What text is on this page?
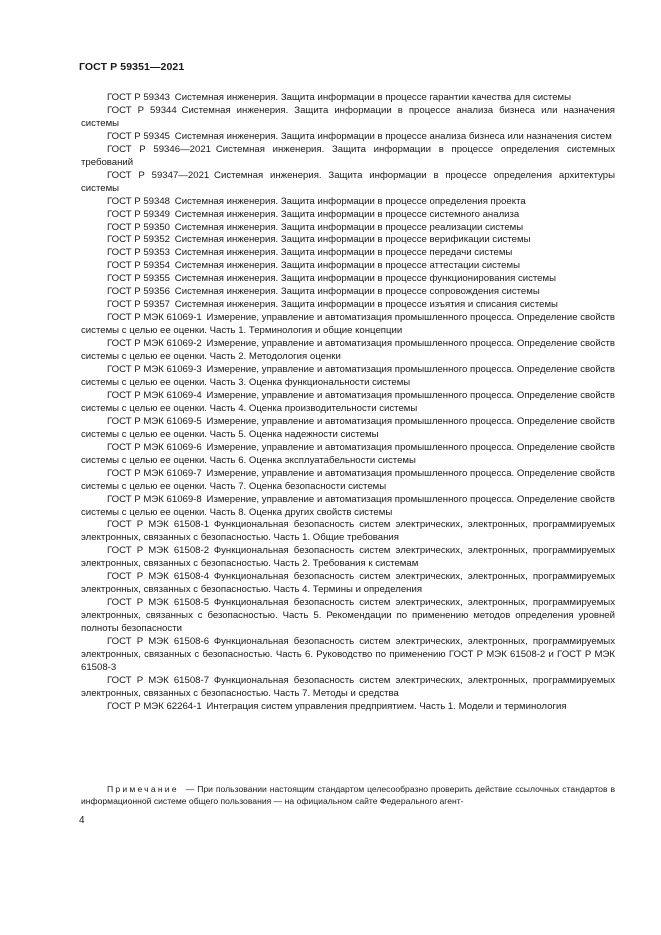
ГОСТ Р 59351—2021
ГОСТ Р 59343  Системная инженерия. Защита информации в процессе гарантии качества для системы
ГОСТ Р 59344  Системная инженерия. Защита информации в процессе анализа бизнеса или назначения системы
ГОСТ Р 59345  Системная инженерия. Защита информации в процессе анализа бизнеса или назначения систем
ГОСТ Р 59346—2021  Системная инженерия. Защита информации в процессе определения системных требований
ГОСТ Р 59347—2021  Системная инженерия. Защита информации в процессе определения архитектуры системы
ГОСТ Р 59348  Системная инженерия. Защита информации в процессе определения проекта
ГОСТ Р 59349  Системная инженерия. Защита информации в процессе системного анализа
ГОСТ Р 59350  Системная инженерия. Защита информации в процессе реализации системы
ГОСТ Р 59352  Системная инженерия. Защита информации в процессе верификации системы
ГОСТ Р 59353  Системная инженерия. Защита информации в процессе передачи системы
ГОСТ Р 59354  Системная инженерия. Защита информации в процессе аттестации системы
ГОСТ Р 59355  Системная инженерия. Защита информации в процессе функционирования системы
ГОСТ Р 59356  Системная инженерия. Защита информации в процессе сопровождения системы
ГОСТ Р 59357  Системная инженерия. Защита информации в процессе изъятия и списания системы
ГОСТ Р МЭК 61069-1  Измерение, управление и автоматизация промышленного процесса. Определение свойств системы с целью ее оценки. Часть 1. Терминология и общие концепции
ГОСТ Р МЭК 61069-2  Измерение, управление и автоматизация промышленного процесса. Определение свойств системы с целью ее оценки. Часть 2. Методология оценки
ГОСТ Р МЭК 61069-3  Измерение, управление и автоматизация промышленного процесса. Определение свойств системы с целью ее оценки. Часть 3. Оценка функциональности системы
ГОСТ Р МЭК 61069-4  Измерение, управление и автоматизация промышленного процесса. Определение свойств системы с целью ее оценки. Часть 4. Оценка производительности системы
ГОСТ Р МЭК 61069-5  Измерение, управление и автоматизация промышленного процесса. Определение свойств системы с целью ее оценки. Часть 5. Оценка надежности системы
ГОСТ Р МЭК 61069-6  Измерение, управление и автоматизация промышленного процесса. Определение свойств системы с целью ее оценки. Часть 6. Оценка эксплуатабельности системы
ГОСТ Р МЭК 61069-7  Измерение, управление и автоматизация промышленного процесса. Определение свойств системы с целью ее оценки. Часть 7. Оценка безопасности системы
ГОСТ Р МЭК 61069-8  Измерение, управление и автоматизация промышленного процесса. Определение свойств системы с целью ее оценки. Часть 8. Оценка других свойств системы
ГОСТ Р МЭК 61508-1  Функциональная безопасность систем электрических, электронных, программируемых электронных, связанных с безопасностью. Часть 1. Общие требования
ГОСТ Р МЭК 61508-2  Функциональная безопасность систем электрических, электронных, программируемых электронных, связанных с безопасностью. Часть 2. Требования к системам
ГОСТ Р МЭК 61508-4  Функциональная безопасность систем электрических, электронных, программируемых электронных, связанных с безопасностью. Часть 4. Термины и определения
ГОСТ Р МЭК 61508-5  Функциональная безопасность систем электрических, электронных, программируемых электронных, связанных с безопасностью. Часть 5. Рекомендации по применению методов определения уровней полноты безопасности
ГОСТ Р МЭК 61508-6  Функциональная безопасность систем электрических, электронных, программируемых электронных, связанных с безопасностью. Часть 6. Руководство по применению ГОСТ Р МЭК 61508-2 и ГОСТ Р МЭК 61508-3
ГОСТ Р МЭК 61508-7  Функциональная безопасность систем электрических, электронных, программируемых электронных, связанных с безопасностью. Часть 7. Методы и средства
ГОСТ Р МЭК 62264-1  Интеграция систем управления предприятием. Часть 1. Модели и терминология
Примечание — При пользовании настоящим стандартом целесообразно проверить действие ссылочных стандартов в информационной системе общего пользования — на официальном сайте Федерального агент-
4
